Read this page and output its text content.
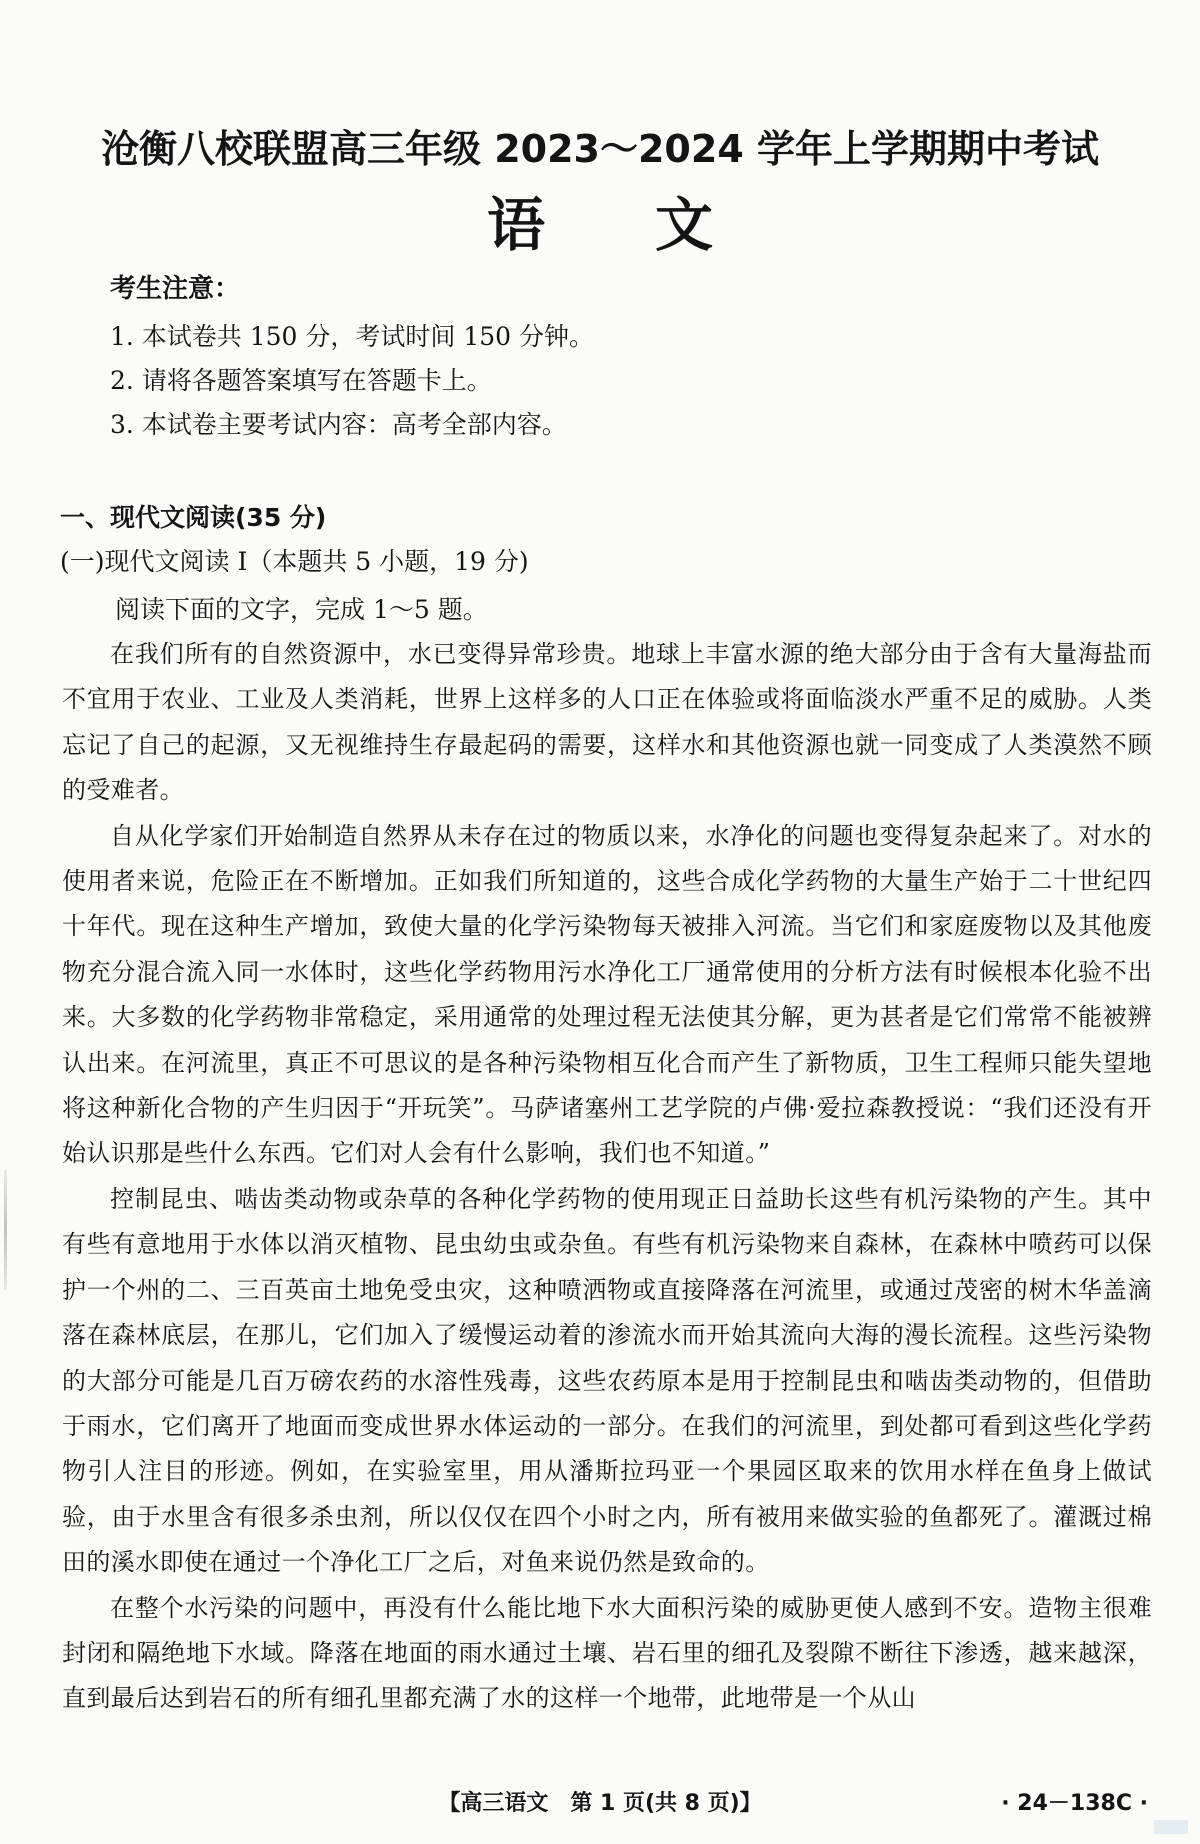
沧衡八校联盟高三年级 2023～2024 学年上学期期中考试
语文
考生注意：
1. 本试卷共 150 分，考试时间 150 分钟。
2. 请将各题答案填写在答题卡上。
3. 本试卷主要考试内容：高考全部内容。
一、现代文阅读(35 分)
(一)现代文阅读 I（本题共 5 小题，19 分)
阅读下面的文字，完成 1～5 题。

在我们所有的自然资源中，水已变得异常珍贵。地球上丰富水源的绝大部分由于含有大量海盐而不宜用于农业、工业及人类消耗，世界上这样多的人口正在体验或将面临淡水严重不足的威胁。人类忘记了自己的起源，又无视维持生存最起码的需要，这样水和其他资源也就一同变成了人类漠然不顾的受难者。

自从化学家们开始制造自然界从未存在过的物质以来，水净化的问题也变得复杂起来了。对水的使用者来说，危险正在不断增加。正如我们所知道的，这些合成化学药物的大量生产始于二十世纪四十年代。现在这种生产增加，致使大量的化学污染物每天被排入河流。当它们和家庭废物以及其他废物充分混合流入同一水体时，这些化学药物用污水净化工厂通常使用的分析方法有时候根本化验不出来。大多数的化学药物非常稳定，采用通常的处理过程无法使其分解，更为甚者是它们常常不能被辨认出来。在河流里，真正不可思议的是各种污染物相互化合而产生了新物质，卫生工程师只能失望地将这种新化合物的产生归因于“开玩笑”。马萨诸塞州工艺学院的卢佛·爱拉森教授说：“我们还没有开始认识那是些什么东西。它们对人会有什么影响，我们也不知道。”

控制昆虫、啮齿类动物或杂草的各种化学药物的使用现正日益助长这些有机污染物的产生。其中有些有意地用于水体以消灭植物、昆虫幼虫或杂鱼。有些有机污染物来自森林，在森林中喷药可以保护一个州的二、三百英亩土地免受虫灾，这种喷洒物或直接降落在河流里，或通过茂密的树木华盖滴落在森林底层，在那儿，它们加入了缓慢运动着的渗流水而开始其流向大海的漫长流程。这些污染物的大部分可能是几百万磅农药的水溶性残毒，这些农药原本是用于控制昆虫和啮齿类动物的，但借助于雨水，它们离开了地面而变成世界水体运动的一部分。在我们的河流里，到处都可看到这些化学药物引人注目的形迹。例如，在实验室里，用从潘斯拉玛亚一个果园区取来的饮用水样在鱼身上做试验，由于水里含有很多杀虫剂，所以仅仅在四个小时之内，所有被用来做实验的鱼都死了。灌溉过棉田的溪水即使在通过一个净化工厂之后，对鱼来说仍然是致命的。

在整个水污染的问题中，再没有什么能比地下水大面积污染的威胁更使人感到不安。造物主很难封闭和隔绝地下水域。降落在地面的雨水通过土壤、岩石里的细孔及裂隙不断往下渗透，越来越深，直到最后达到岩石的所有细孔里都充满了水的这样一个地带，此地带是一个从山

【高三语文　第 1 页(共 8 页)】	· 24－138C ·
